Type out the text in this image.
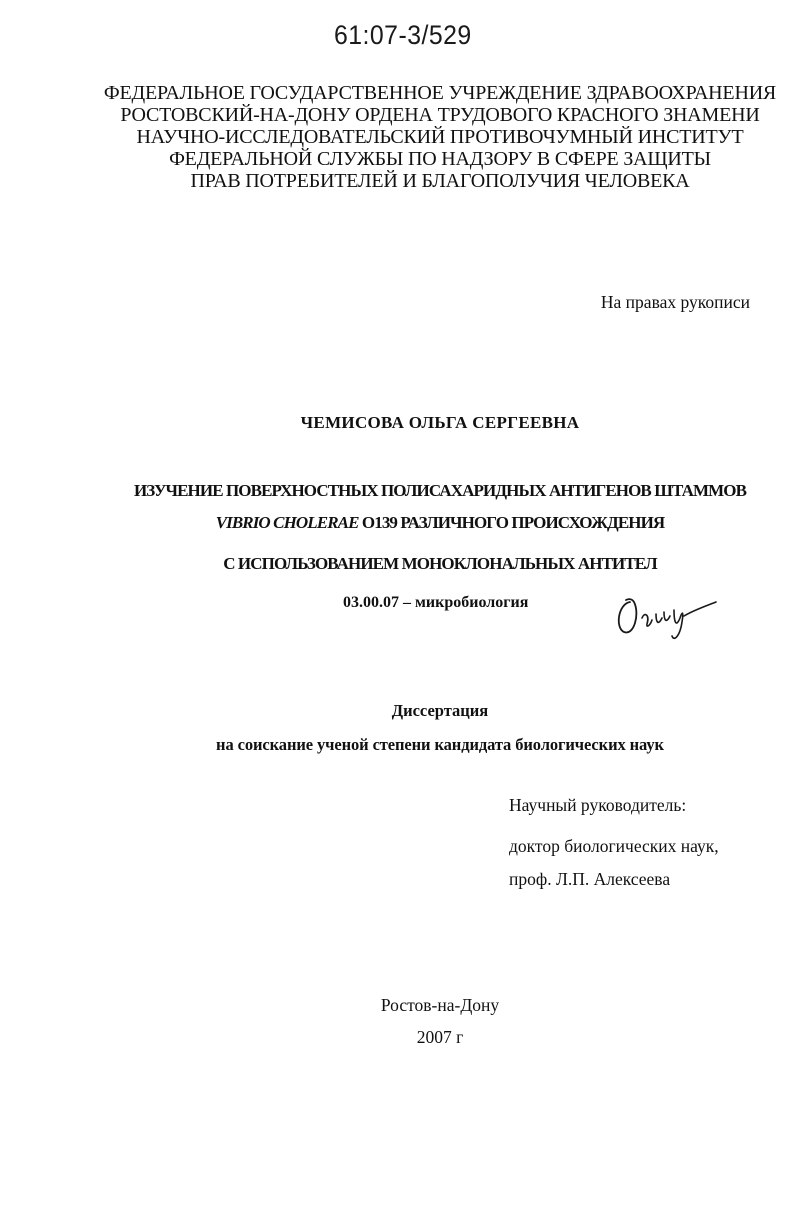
61:07-3/529
ФЕДЕРАЛЬНОЕ ГОСУДАРСТВЕННОЕ УЧРЕЖДЕНИЕ ЗДРАВООХРАНЕНИЯ
РОСТОВСКИЙ-НА-ДОНУ ОРДЕНА ТРУДОВОГО КРАСНОГО ЗНАМЕНИ
НАУЧНО-ИССЛЕДОВАТЕЛЬСКИЙ ПРОТИВОЧУМНЫЙ ИНСТИТУТ
ФЕДЕРАЛЬНОЙ СЛУЖБЫ ПО НАДЗОРУ В СФЕРЕ ЗАЩИТЫ
ПРАВ ПОТРЕБИТЕЛЕЙ И БЛАГОПОЛУЧИЯ ЧЕЛОВЕКА
На правах рукописи
ЧЕМИСОВА ОЛЬГА СЕРГЕЕВНА
ИЗУЧЕНИЕ ПОВЕРХНОСТНЫХ ПОЛИСАХАРИДНЫХ АНТИГЕНОВ ШТАММОВ
VIBRIO CHOLERAE O139 РАЗЛИЧНОГО ПРОИСХОЖДЕНИЯ
С ИСПОЛЬЗОВАНИЕМ МОНОКЛОНАЛЬНЫХ АНТИТЕЛ
03.00.07 – микробиология
Диссертация
на соискание ученой степени кандидата биологических наук
Научный руководитель:
доктор биологических наук,
проф. Л.П. Алексеева
Ростов-на-Дону
2007 г
